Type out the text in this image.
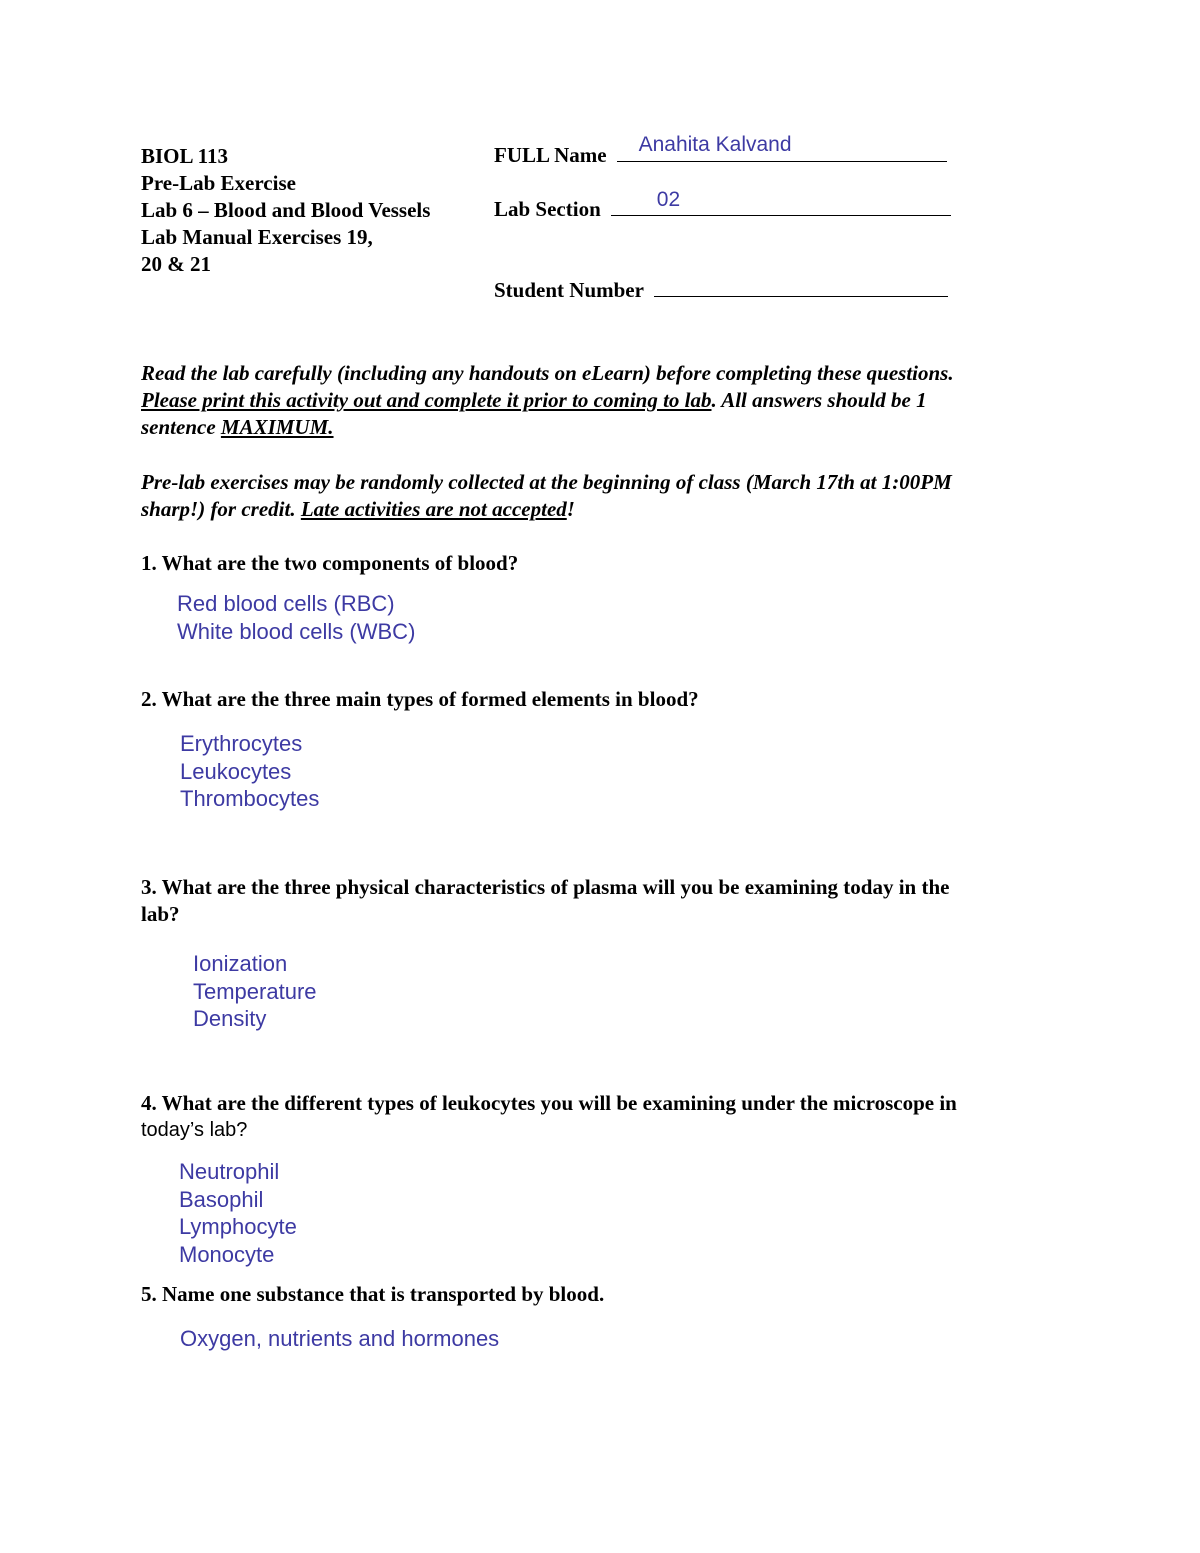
BIOL 113
Pre-Lab Exercise
Lab 6 – Blood and Blood Vessels
Lab Manual Exercises 19,
20 & 21
FULL Name Anahita Kalvand
Lab Section	02
Student Number
Read the lab carefully (including any handouts on eLearn) before completing these questions.
Please print this activity out and complete it prior to coming to lab. All answers should be 1
sentence MAXIMUM.
Pre-lab exercises may be randomly collected at the beginning of class (March 17th at 1:00PM
sharp!) for credit. Late activities are not accepted!
1. What are the two components of blood?
Red blood cells (RBC)
White blood cells (WBC)
2. What are the three main types of formed elements in blood?
Erythrocytes
Leukocytes
Thrombocytes
3. What are the three physical characteristics of plasma will you be examining today in the
lab?
Ionization
Temperature
Density
4. What are the different types of leukocytes you will be examining under the microscope in
today’s lab?
Neutrophil
Basophil
Lymphocyte
Monocyte
5. Name one substance that is transported by blood.
Oxygen, nutrients and hormones
